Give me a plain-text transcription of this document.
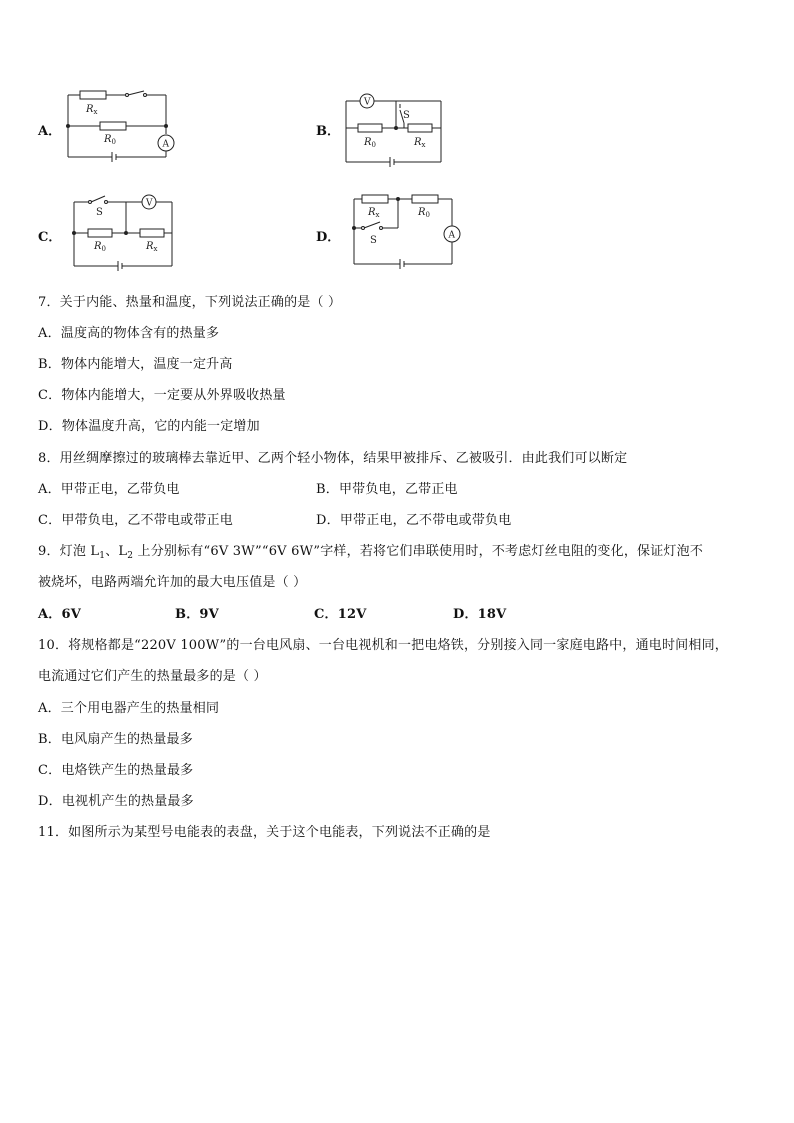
A．
$R_x$
$R_0$	A
B．
V
S
$R_0$	$R_x$
C．
S
V
$R_0$	$R_x$
D．
$R_x$	$R_0$
S	A
7．关于内能、热量和温度，下列说法正确的是（ ）
A．温度高的物体含有的热量多
B．物体内能增大，温度一定升高
C．物体内能增大，一定要从外界吸收热量
D．物体温度升高，它的内能一定增加
8．用丝绸摩擦过的玻璃棒去靠近甲、乙两个轻小物体，结果甲被排斥、乙被吸引．由此我们可以断定
A．甲带正电，乙带负电	B．甲带负电，乙带正电
C．甲带负电，乙不带电或带正电	D．甲带正电，乙不带电或带负电
9．灯泡 $L_1$、$L_2$ 上分别标有“6V 3W”“6V 6W”字样，若将它们串联使用时，不考虑灯丝电阻的变化，保证灯泡不
被烧坏，电路两端允许加的最大电压值是（ ）
A．6V	B．9V	C．12V	D．18V
10．将规格都是“220V 100W”的一台电风扇、一台电视机和一把电烙铁，分别接入同一家庭电路中，通电时间相同，
电流通过它们产生的热量最多的是（ ）
A．三个用电器产生的热量相同
B．电风扇产生的热量最多
C．电烙铁产生的热量最多
D．电视机产生的热量最多
11．如图所示为某型号电能表的表盘，关于这个电能表，下列说法不正确的是
